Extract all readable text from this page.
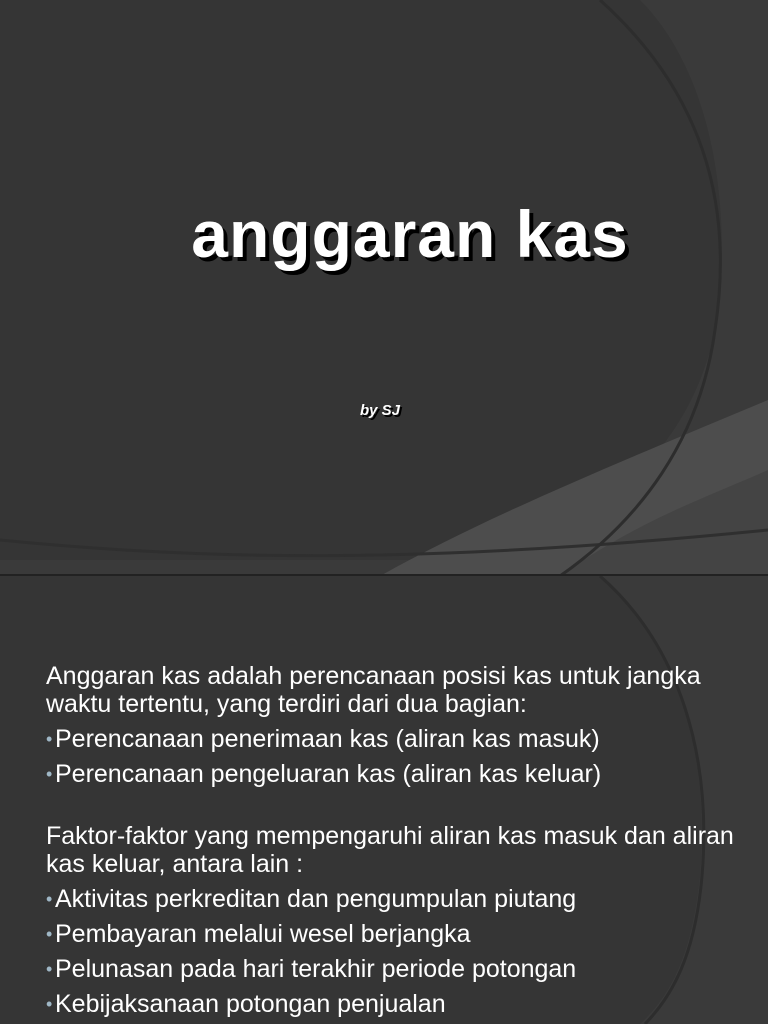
anggaran kas
by SJ

Anggaran kas adalah perencanaan posisi kas untuk jangka waktu tertentu, yang terdiri dari dua bagian:

• Perencanaan penerimaan kas (aliran kas masuk)
• Perencanaan pengeluaran kas (aliran kas keluar)

Faktor-faktor yang mempengaruhi aliran kas masuk dan aliran kas keluar, antara lain :

• Aktivitas perkreditan dan pengumpulan piutang
• Pembayaran melalui wesel berjangka
• Pelunasan pada hari terakhir periode potongan
• Kebijaksanaan potongan penjualan
